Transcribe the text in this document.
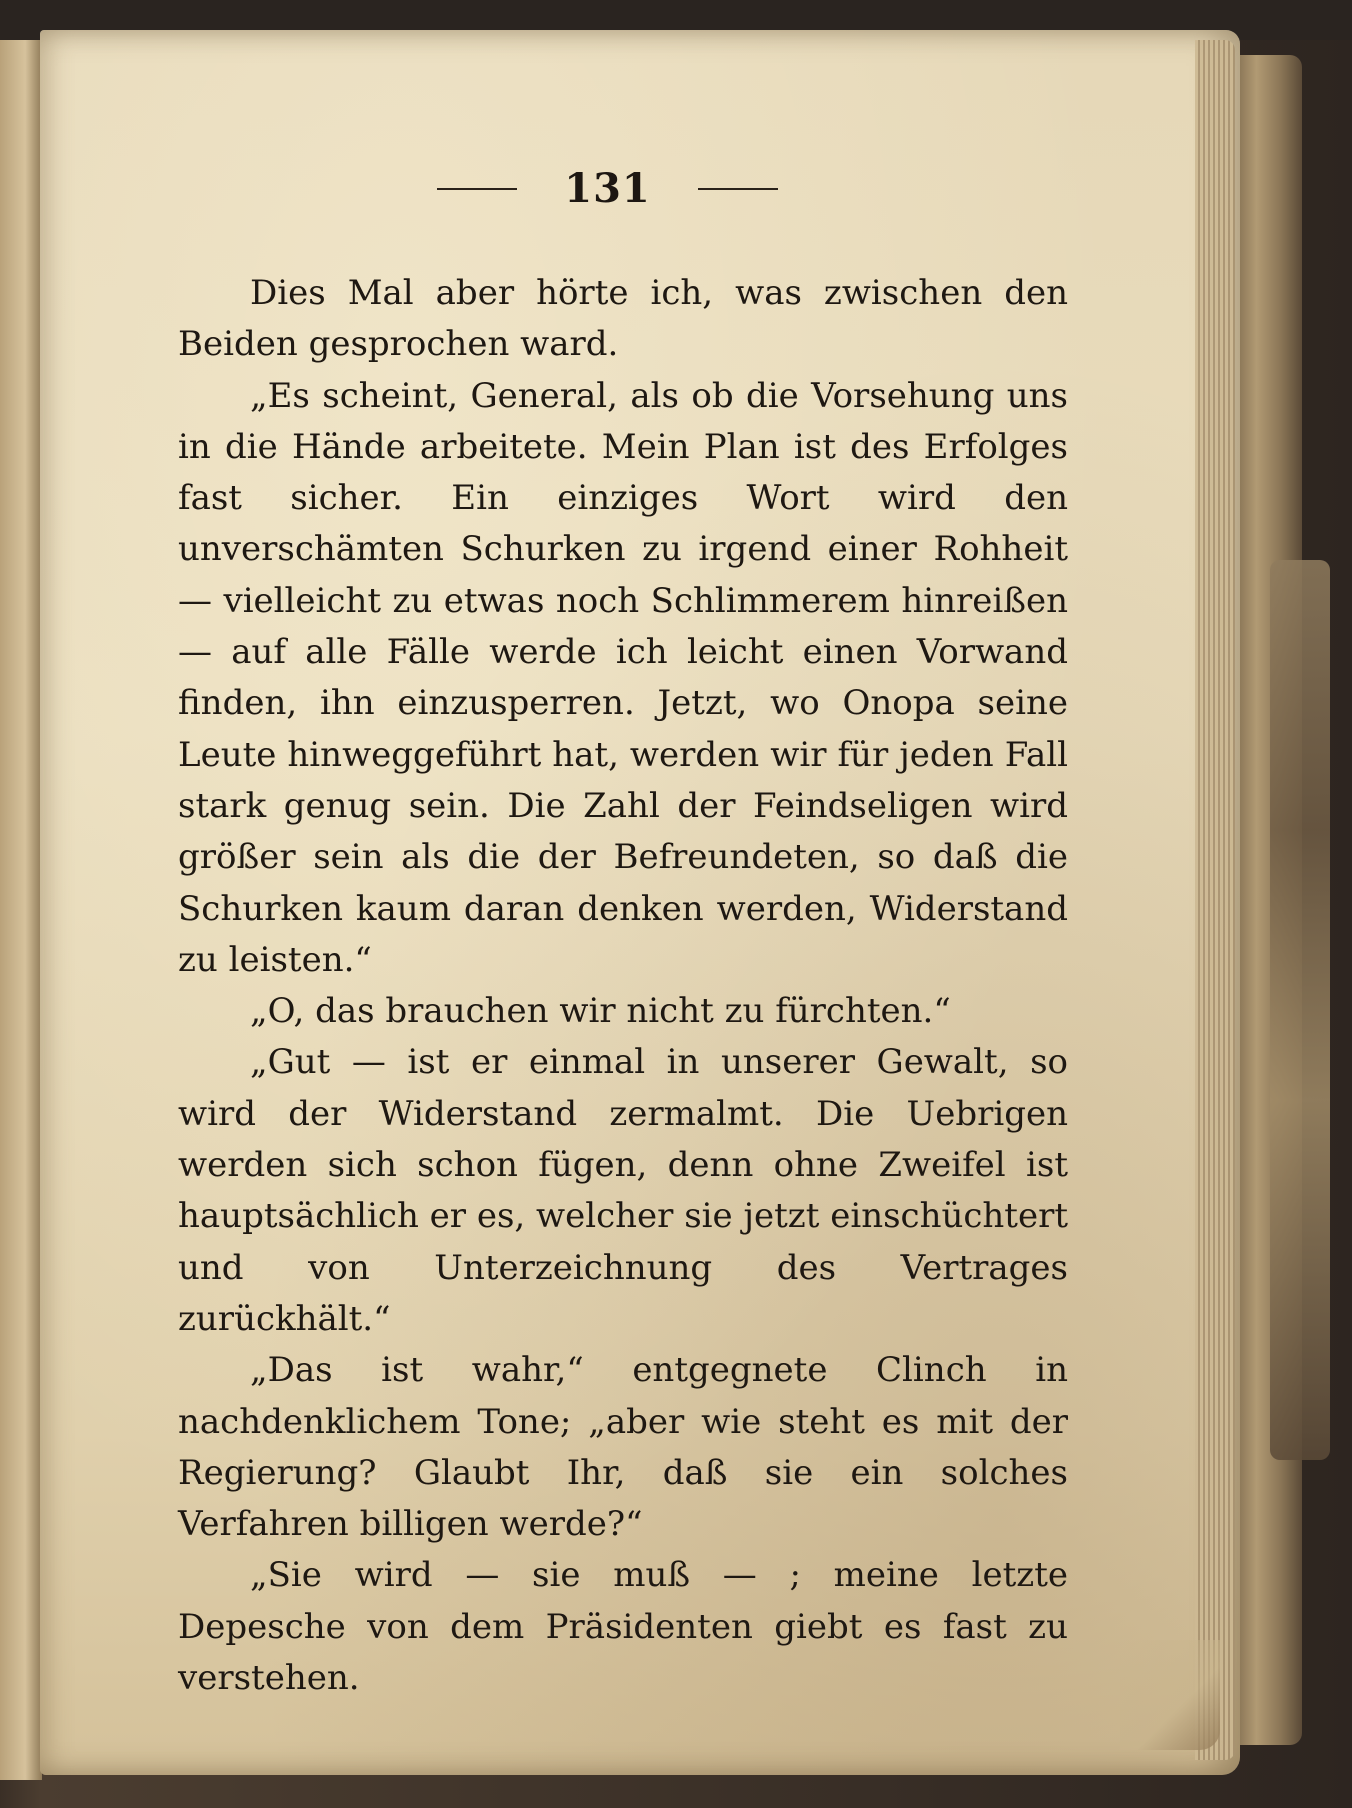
131

Dies Mal aber hörte ich, was zwischen den Beiden gesprochen ward.

„Es scheint, General, als ob die Vorsehung uns in die Hände arbeitete. Mein Plan ist des Erfolges fast sicher. Ein einziges Wort wird den unverschämten Schurken zu irgend einer Rohheit — vielleicht zu etwas noch Schlimmerem hinreißen — auf alle Fälle werde ich leicht einen Vorwand finden, ihn einzusperren. Jetzt, wo Onopa seine Leute hinweggeführt hat, werden wir für jeden Fall stark genug sein. Die Zahl der Feindseligen wird größer sein als die der Befreundeten, so daß die Schurken kaum daran denken werden, Widerstand zu leisten.“

„O, das brauchen wir nicht zu fürchten.“

„Gut — ist er einmal in unserer Gewalt, so wird der Widerstand zermalmt. Die Uebrigen werden sich schon fügen, denn ohne Zweifel ist hauptsächlich er es, welcher sie jetzt einschüchtert und von Unterzeichnung des Vertrages zurückhält.“

„Das ist wahr,“ entgegnete Clinch in nachdenklichem Tone; „aber wie steht es mit der Regierung? Glaubt Ihr, daß sie ein solches Verfahren billigen werde?“

„Sie wird — sie muß — ; meine letzte Depesche von dem Präsidenten giebt es fast zu verstehen.
